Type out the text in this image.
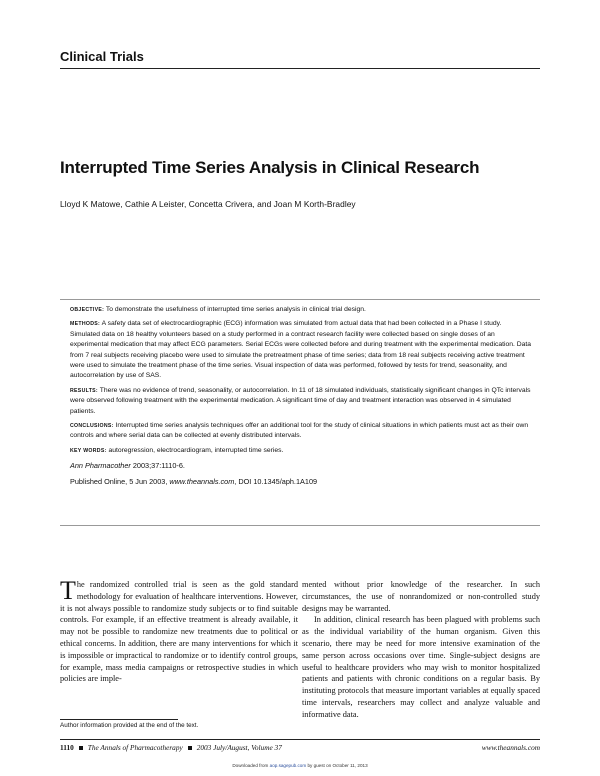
Clinical Trials
Interrupted Time Series Analysis in Clinical Research
Lloyd K Matowe, Cathie A Leister, Concetta Crivera, and Joan M Korth-Bradley

OBJECTIVE: To demonstrate the usefulness of interrupted time series analysis in clinical trial design.

METHODS: A safety data set of electrocardiographic (ECG) information was simulated from actual data that had been collected in a Phase I study. Simulated data on 18 healthy volunteers based on a study performed in a contract research facility were collected based on single doses of an experimental medication that may affect ECG parameters. Serial ECGs were collected before and during treatment with the experimental medication. Data from 7 real subjects receiving placebo were used to simulate the pretreatment phase of time series; data from 18 real subjects receiving active treatment were used to simulate the treatment phase of the time series. Visual inspection of data was performed, followed by tests for trend, seasonality, and autocorrelation by use of SAS.

RESULTS: There was no evidence of trend, seasonality, or autocorrelation. In 11 of 18 simulated individuals, statistically significant changes in QTc intervals were observed following treatment with the experimental medication. A significant time of day and treatment interaction was observed in 4 simulated patients.

CONCLUSIONS: Interrupted time series analysis techniques offer an additional tool for the study of clinical situations in which patients must act as their own controls and where serial data can be collected at evenly distributed intervals.

KEY WORDS: autoregression, electrocardiogram, interrupted time series.

Ann Pharmacother 2003;37:1110-6.

Published Online, 5 Jun 2003, www.theannals.com, DOI 10.1345/aph.1A109

The randomized controlled trial is seen as the gold standard methodology for evaluation of healthcare interventions. However, it is not always possible to randomize study subjects or to find suitable controls. For example, if an effective treatment is already available, it may not be possible to randomize new treatments due to political or ethical concerns. In addition, there are many interventions for which it is impossible or impractical to randomize or to identify control groups, for example, mass media campaigns or retrospective studies in which policies are imple-

mented without prior knowledge of the researcher. In such circumstances, the use of nonrandomized or non-controlled study designs may be warranted.

In addition, clinical research has been plagued with problems such as the individual variability of the human organism. Given this scenario, there may be need for more intensive examination of the same person across occasions over time. Single-subject designs are useful to healthcare providers who may wish to monitor hospitalized patients and patients with chronic conditions on a regular basis. By instituting protocols that measure important variables at equally spaced time intervals, researchers may collect and analyze valuable and informative data.

Author information provided at the end of the text.
1110 The Annals of Pharmacotherapy 2003 July/August, Volume 37	www.theannals.com
Downloaded from aop.sagepub.com by guest on October 11, 2013
